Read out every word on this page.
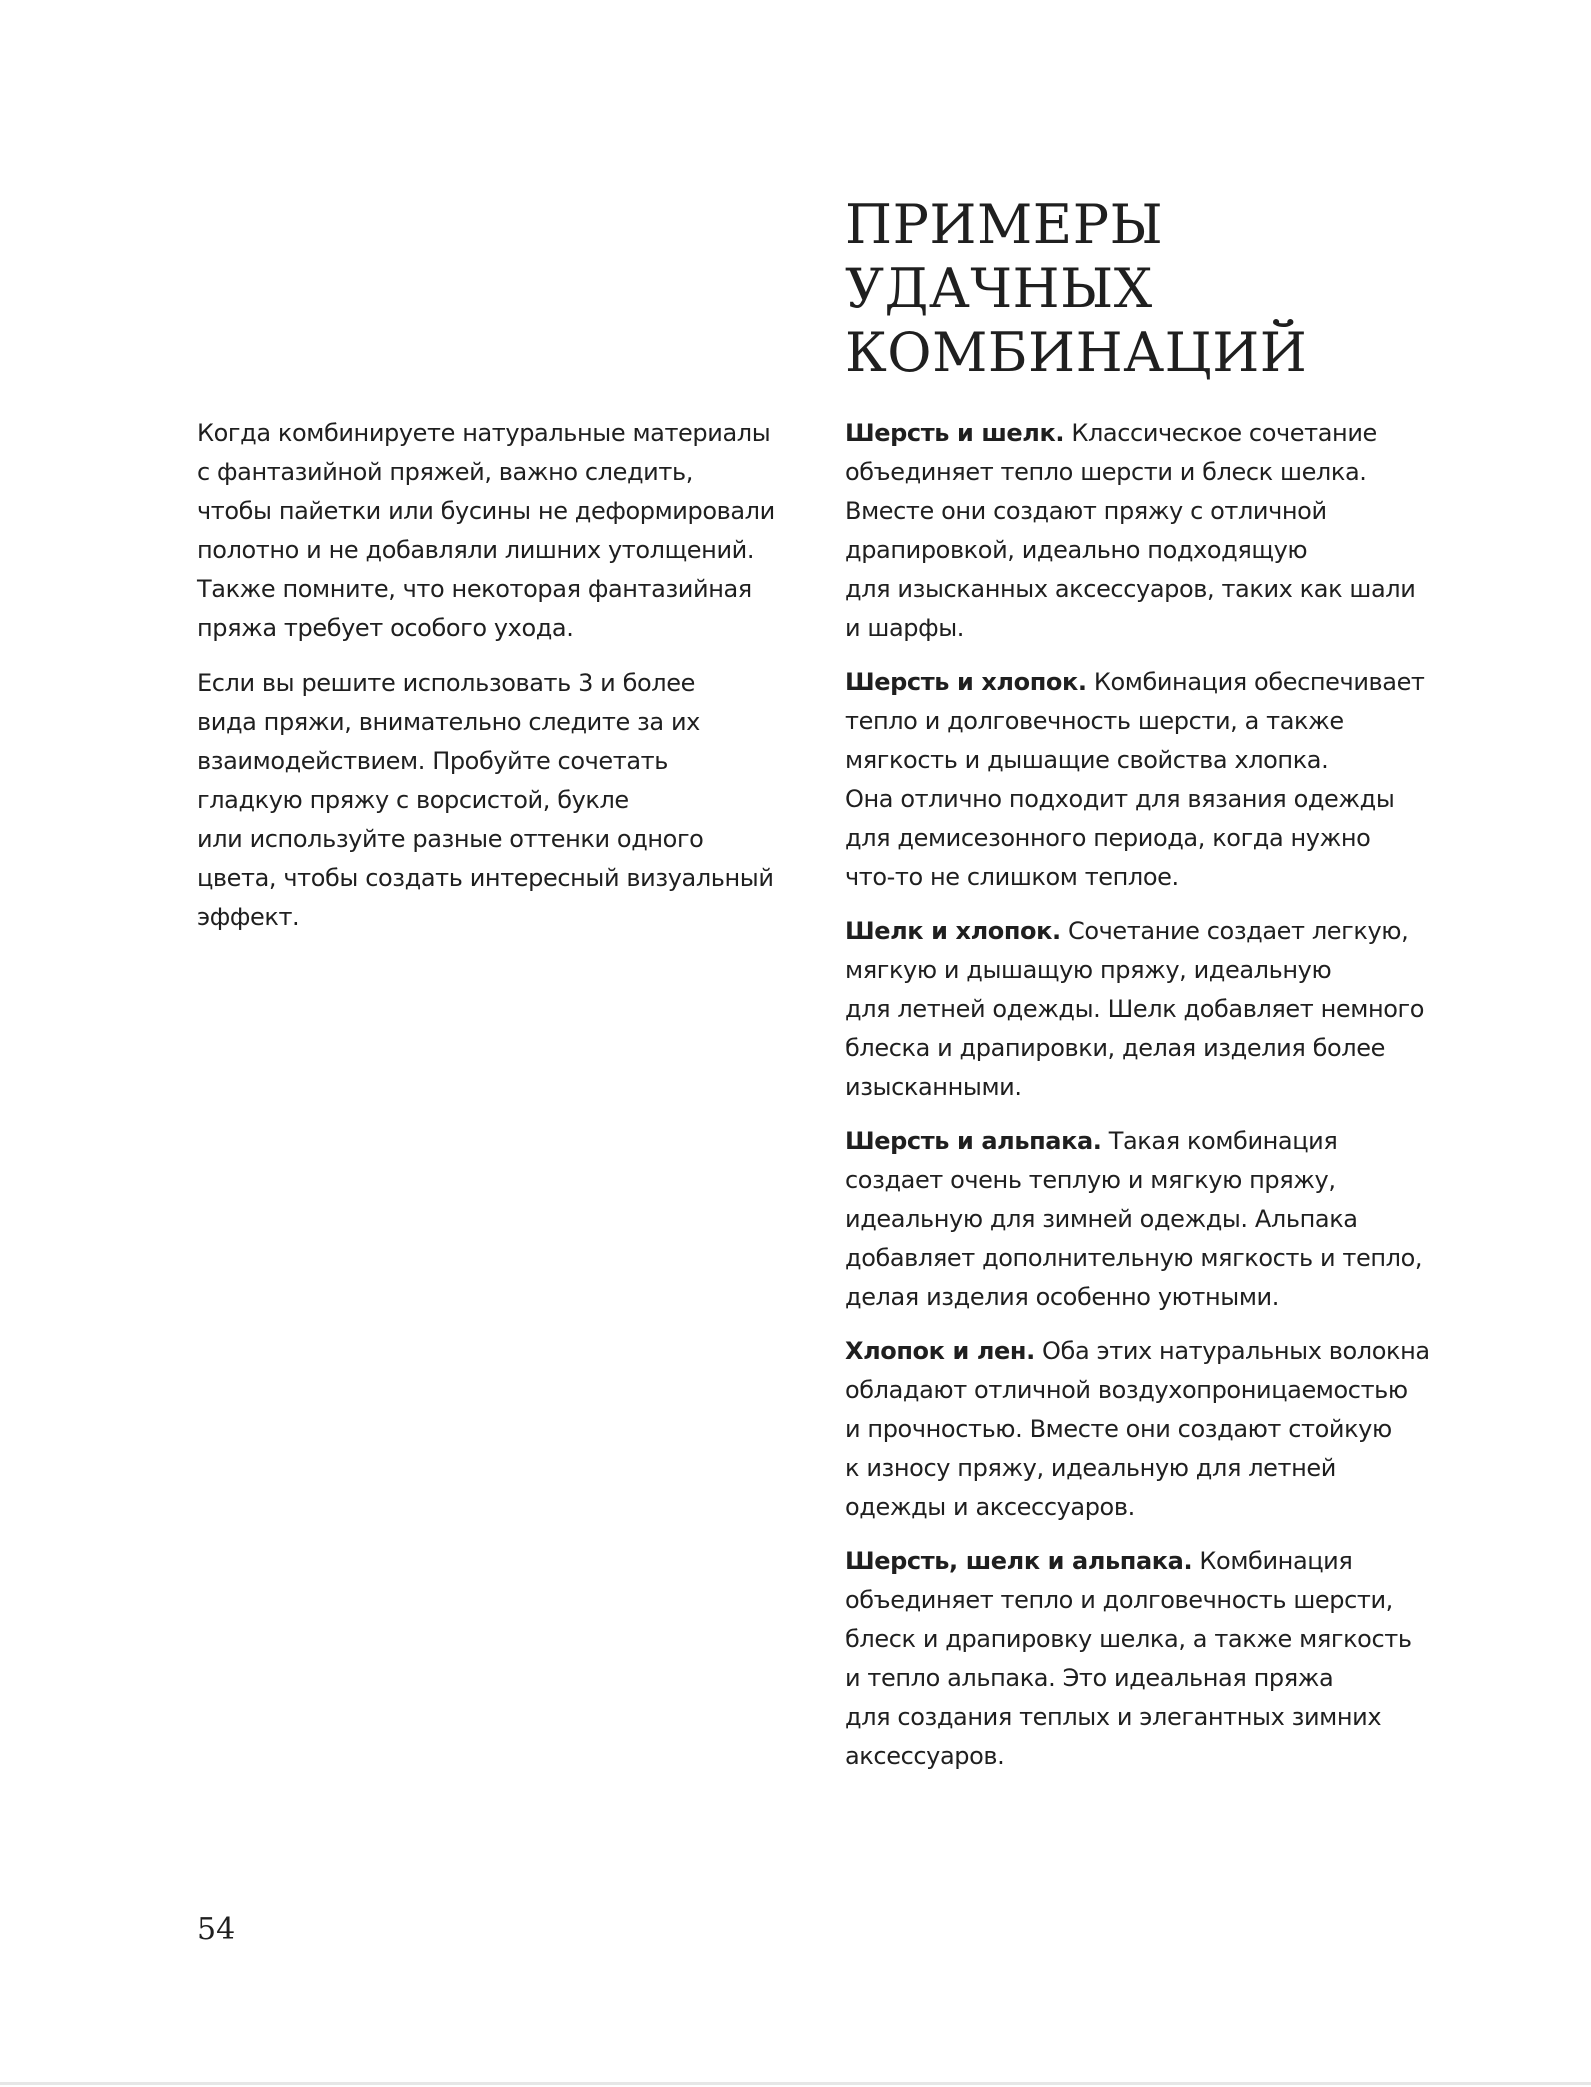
ПРИМЕРЫ
УДАЧНЫХ
КОМБИНАЦИЙ

Когда комбинируете натуральные материалы
с фантазийной пряжей, важно следить,
чтобы пайетки или бусины не деформировали
полотно и не добавляли лишних утолщений.
Также помните, что некоторая фантазийная
пряжа требует особого ухода.

Если вы решите использовать 3 и более
вида пряжи, внимательно следите за их
взаимодействием. Пробуйте сочетать
гладкую пряжу с ворсистой, букле
или используйте разные оттенки одного
цвета, чтобы создать интересный визуальный
эффект.

Шерсть и шелк. Классическое сочетание
объединяет тепло шерсти и блеск шелка.
Вместе они создают пряжу с отличной
драпировкой, идеально подходящую
для изысканных аксессуаров, таких как шали
и шарфы.

Шерсть и хлопок. Комбинация обеспечивает
тепло и долговечность шерсти, а также
мягкость и дышащие свойства хлопка.
Она отлично подходит для вязания одежды
для демисезонного периода, когда нужно
что-то не слишком теплое.

Шелк и хлопок. Сочетание создает легкую,
мягкую и дышащую пряжу, идеальную
для летней одежды. Шелк добавляет немного
блеска и драпировки, делая изделия более
изысканными.

Шерсть и альпака. Такая комбинация
создает очень теплую и мягкую пряжу,
идеальную для зимней одежды. Альпака
добавляет дополнительную мягкость и тепло,
делая изделия особенно уютными.

Хлопок и лен. Оба этих натуральных волокна
обладают отличной воздухопроницаемостью
и прочностью. Вместе они создают стойкую
к износу пряжу, идеальную для летней
одежды и аксессуаров.

Шерсть, шелк и альпака. Комбинация
объединяет тепло и долговечность шерсти,
блеск и драпировку шелка, а также мягкость
и тепло альпака. Это идеальная пряжа
для создания теплых и элегантных зимних
аксессуаров.

54
